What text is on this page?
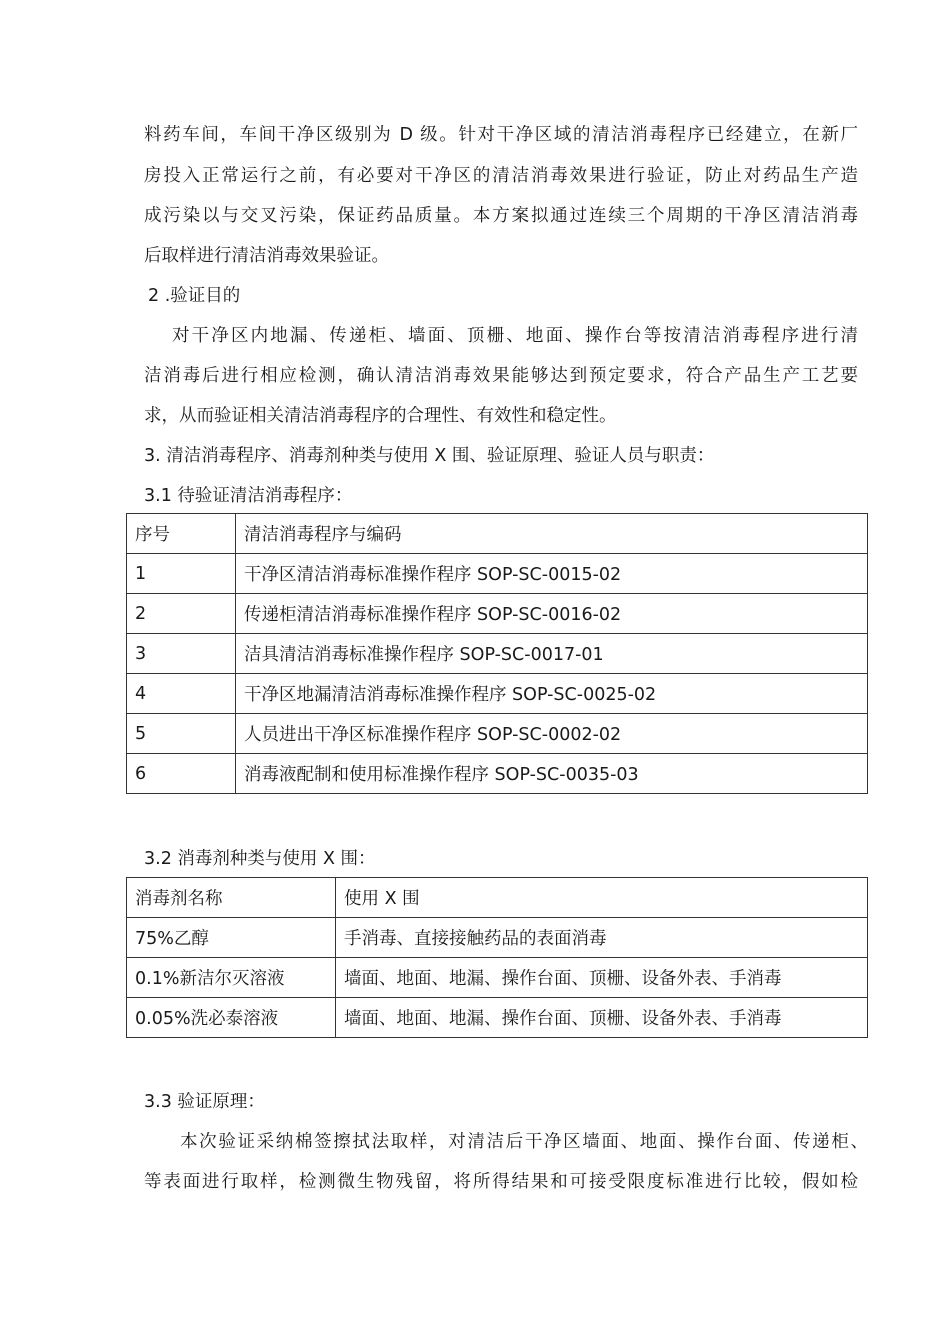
料药车间，车间干净区级别为 D 级。针对干净区域的清洁消毒程序已经建立，在新厂
房投入正常运行之前，有必要对干净区的清洁消毒效果进行验证，防止对药品生产造
成污染以与交叉污染，保证药品质量。本方案拟通过连续三个周期的干净区清洁消毒
后取样进行清洁消毒效果验证。
2 .验证目的
对干净区内地漏、传递柜、墙面、顶栅、地面、操作台等按清洁消毒程序进行清
洁消毒后进行相应检测，确认清洁消毒效果能够达到预定要求，符合产品生产工艺要
求，从而验证相关清洁消毒程序的合理性、有效性和稳定性。
3. 清洁消毒程序、消毒剂种类与使用 X 围、验证原理、验证人员与职责：
3.1 待验证清洁消毒程序：
序号	清洁消毒程序与编码
1	干净区清洁消毒标准操作程序 SOP-SC-0015-02
2	传递柜清洁消毒标准操作程序 SOP-SC-0016-02
3	洁具清洁消毒标准操作程序 SOP-SC-0017-01
4	干净区地漏清洁消毒标准操作程序 SOP-SC-0025-02
5	人员进出干净区标准操作程序 SOP-SC-0002-02
6	消毒液配制和使用标准操作程序 SOP-SC-0035-03
3.2 消毒剂种类与使用 X 围：
消毒剂名称	使用 X 围
75%乙醇	手消毒、直接接触药品的表面消毒
0.1%新洁尔灭溶液	墙面、地面、地漏、操作台面、顶栅、设备外表、手消毒
0.05%洗必泰溶液	墙面、地面、地漏、操作台面、顶栅、设备外表、手消毒
3.3 验证原理：
本次验证采纳棉签擦拭法取样，对清洁后干净区墙面、地面、操作台面、传递柜、
等表面进行取样，检测微生物残留，将所得结果和可接受限度标准进行比较，假如检
